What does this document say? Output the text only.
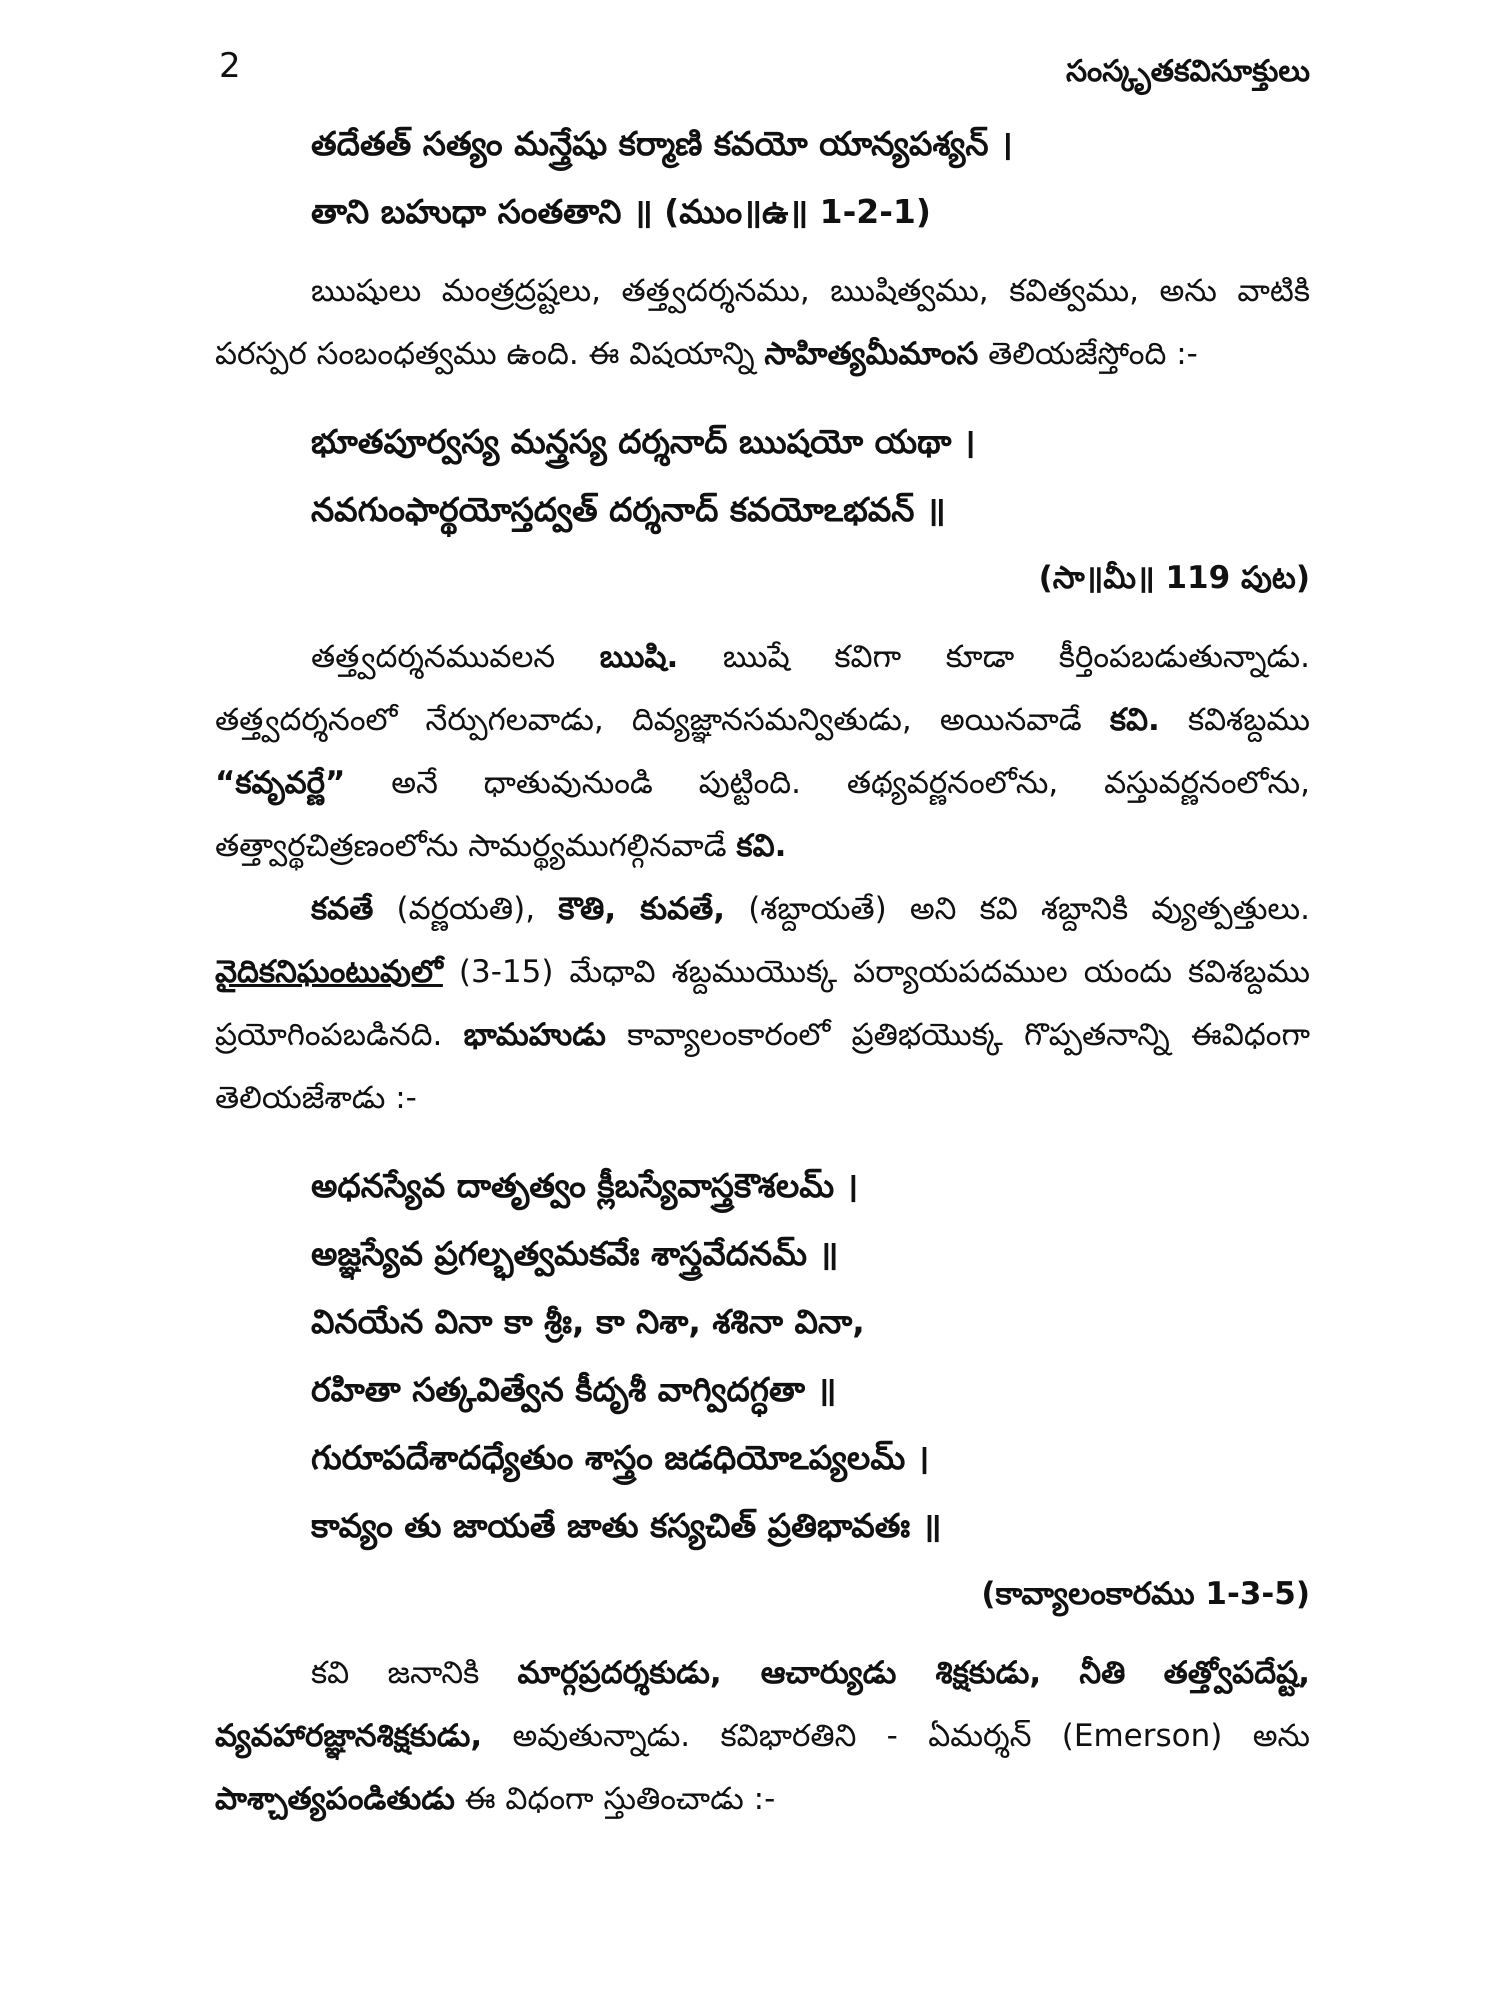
2	సంస్కృతకవిసూక్తులు
తదేతత్ సత్యం మన్త్రేషు కర్మాణి కవయో యాన్యపశ్యన్ ।
తాని బహుధా సంతతాని ॥ (ముం॥ఉ॥ 1-2-1)

ఋషులు మంత్రద్రష్టలు, తత్త్వదర్శనము, ఋషిత్వము, కవిత్వము, అను వాటికి పరస్పర సంబంధత్వము ఉంది. ఈ విషయాన్ని సాహిత్యమీమాంస తెలియజేస్తోంది :-

భూతపూర్వస్య మన్త్రస్య దర్శనాద్ ఋషయో యథా ।
నవగుంఫార్థయోస్తద్వత్ దర్శనాద్ కవయోఽభవన్ ॥
(సా॥మీ॥ 119 పుట)

తత్త్వదర్శనమువలన ఋషి. ఋషే కవిగా కూడా కీర్తింపబడుతున్నాడు. తత్త్వదర్శనంలో నేర్పుగలవాడు, దివ్యజ్ఞానసమన్వితుడు, అయినవాడే కవి. కవిశబ్దము “కవృవర్ణే” అనే ధాతువునుండి పుట్టింది. తథ్యవర్ణనంలోను, వస్తువర్ణనంలోను, తత్త్వార్థచిత్రణంలోను సామర్థ్యముగల్గినవాడే కవి.

కవతే (వర్ణయతి), కౌతి, కువతే, (శబ్దాయతే) అని కవి శబ్దానికి వ్యుత్పత్తులు. వైదికనిఘంటువులో (3-15) మేధావి శబ్దముయొక్క పర్యాయపదముల యందు కవిశబ్దము ప్రయోగింపబడినది. భామహుడు కావ్యాలంకారంలో ప్రతిభయొక్క గొప్పతనాన్ని ఈవిధంగా తెలియజేశాడు :-

అధనస్యేవ దాతృత్వం క్లీబస్యేవాస్త్రకౌశలమ్ ।
అజ్ఞస్యేవ ప్రగల్భత్వమకవేః శాస్త్రవేదనమ్ ॥
వినయేన వినా కా శ్రీః, కా నిశా, శశినా వినా,
రహితా సత్కవిత్వేన కీదృశీ వాగ్విదగ్ధతా ॥
గురూపదేశాదధ్యేతుం శాస్త్రం జడధియోఽప్యలమ్ ।
కావ్యం తు జాయతే జాతు కస్యచిత్ ప్రతిభావతః ॥
(కావ్యాలంకారము 1-3-5)

కవి జనానికి మార్గప్రదర్శకుడు, ఆచార్యుడు శిక్షకుడు, నీతి తత్త్వోపదేష్ట, వ్యవహారజ్ఞానశిక్షకుడు, అవుతున్నాడు. కవిభారతిని - ఏమర్శన్ (Emerson) అను పాశ్చాత్యపండితుడు ఈ విధంగా స్తుతించాడు :-
